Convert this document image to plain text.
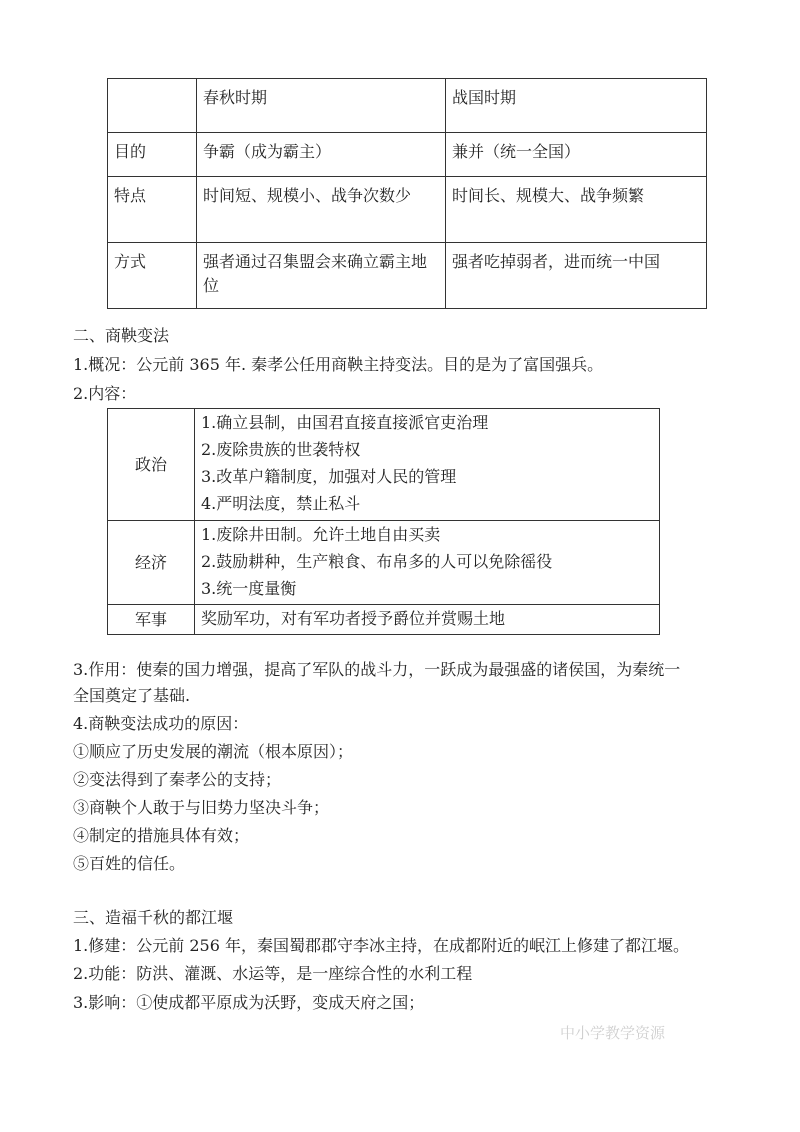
	春秋时期	战国时期
目的	争霸（成为霸主）	兼并（统一全国）
特点	时间短、规模小、战争次数少	时间长、规模大、战争频繁
方式	强者通过召集盟会来确立霸主地位	强者吃掉弱者，进而统一中国
二、商鞅变法
1.概况：公元前 365 年. 秦孝公任用商鞅主持变法。目的是为了富国强兵。
2.内容：
政治	1.确立县制，由国君直接直接派官吏治理
2.废除贵族的世袭特权
3.改革户籍制度，加强对人民的管理
4.严明法度，禁止私斗

经济	1.废除井田制。允许土地自由买卖
2.鼓励耕种，生产粮食、布帛多的人可以免除徭役
3.统一度量衡

军事	奖励军功，对有军功者授予爵位并赏赐土地
3.作用：使秦的国力增强，提高了军队的战斗力，一跃成为最强盛的诸侯国，为秦统一
全国奠定了基础.
4.商鞅变法成功的原因：
①顺应了历史发展的潮流（根本原因）；
②变法得到了秦孝公的支持；
③商鞅个人敢于与旧势力坚决斗争；
④制定的措施具体有效；
⑤百姓的信任。
三、造福千秋的都江堰
1.修建：公元前 256 年，秦国蜀郡郡守李冰主持，在成都附近的岷江上修建了都江堰。
2.功能：防洪、灌溉、水运等，是一座综合性的水利工程
3.影响：①使成都平原成为沃野，变成天府之国；
中小学教学资源
